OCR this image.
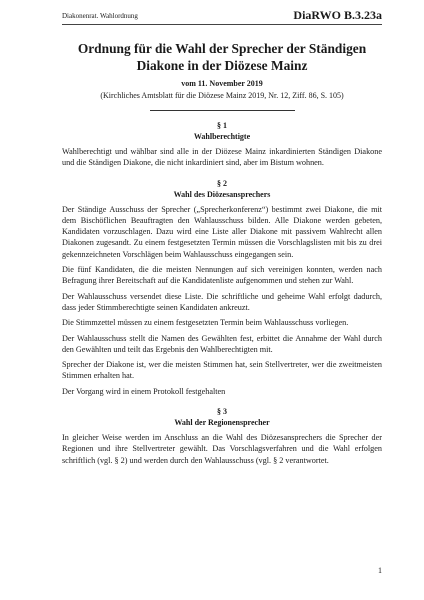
Diakonenrat. Wahlordnung	DiaRWO B.3.23a
Ordnung für die Wahl der Sprecher der Ständigen
Diakone in der Diözese Mainz
vom 11. November 2019
(Kirchliches Amtsblatt für die Diözese Mainz 2019, Nr. 12, Ziff. 86, S. 105)
§ 1
Wahlberechtigte

Wahlberechtigt und wählbar sind alle in der Diözese Mainz inkardinierten Ständigen Diakone und die Ständigen Diakone, die nicht inkardiniert sind, aber im Bistum wohnen.

§ 2
Wahl des Diözesansprechers

Der Ständige Ausschuss der Sprecher („Sprecherkonferenz“) bestimmt zwei Diakone, die mit dem Bischöflichen Beauftragten den Wahlausschuss bilden. Alle Diakone werden gebeten, Kandidaten vorzuschlagen. Dazu wird eine Liste aller Diakone mit passivem Wahlrecht allen Diakonen zugesandt. Zu einem festgesetzten Termin müssen die Vorschlagslisten mit bis zu drei gekennzeichneten Vorschlägen beim Wahlausschuss eingegangen sein.

Die fünf Kandidaten, die die meisten Nennungen auf sich vereinigen konnten, werden nach Befragung ihrer Bereitschaft auf die Kandidatenliste aufgenommen und stehen zur Wahl.

Der Wahlausschuss versendet diese Liste. Die schriftliche und geheime Wahl erfolgt dadurch, dass jeder Stimmberechtigte seinen Kandidaten ankreuzt.

Die Stimmzettel müssen zu einem festgesetzten Termin beim Wahlausschuss vorliegen.

Der Wahlausschuss stellt die Namen des Gewählten fest, erbittet die Annahme der Wahl durch den Gewählten und teilt das Ergebnis den Wahlberechtigten mit.

Sprecher der Diakone ist, wer die meisten Stimmen hat, sein Stellvertreter, wer die zweitmeisten Stimmen erhalten hat.

Der Vorgang wird in einem Protokoll festgehalten

§ 3
Wahl der Regionensprecher

In gleicher Weise werden im Anschluss an die Wahl des Diözesansprechers die Sprecher der Regionen und ihre Stellvertreter gewählt. Das Vorschlagsverfahren und die Wahl erfolgen schriftlich (vgl. § 2) und werden durch den Wahlausschuss (vgl. § 2 verantwortet.

1
